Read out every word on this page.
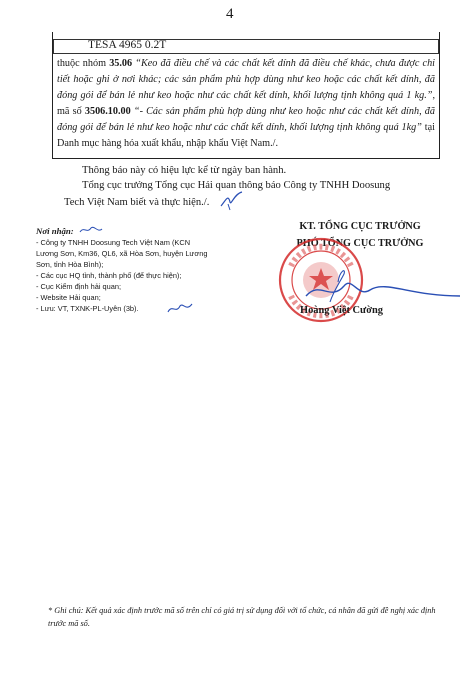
4
TESA 4965 0.2T
thuộc nhóm 35.06 “Keo đã điều chế và các chất kết dính đã điều chế khác, chưa được chi tiết hoặc ghi ở nơi khác; các sản phẩm phù hợp dùng như keo hoặc các chất kết dính, đã đóng gói để bán lẻ như keo hoặc như các chất kết dính, khối lượng tịnh không quá 1 kg.”, mã số 3506.10.00 “- Các sản phẩm phù hợp dùng như keo hoặc như các chất kết dính, đã đóng gói để bán lẻ như keo hoặc như các chất kết dính, khối lượng tịnh không quá 1kg” tại Danh mục hàng hóa xuất khẩu, nhập khẩu Việt Nam./.
Thông báo này có hiệu lực kể từ ngày ban hành.
Tổng cục trưởng Tổng cục Hải quan thông báo Công ty TNHH Doosung
Tech Việt Nam biết và thực hiện./.
Nơi nhận:
- Công ty TNHH Doosung Tech Việt Nam (KCN
Lương Sơn, Km36, QL6, xã Hòa Sơn, huyện Lương
Sơn, tỉnh Hòa Bình);
- Các cục HQ tỉnh, thành phố (để thực hiện);
- Cục Kiểm định hải quan;
- Website Hải quan;
- Lưu: VT, TXNK-PL-Uyên (3b).
KT. TỔNG CỤC TRƯỞNG
PHÓ TỔNG CỤC TRƯỞNG
Hoàng Việt Cường
* Ghi chú: Kết quả xác định trước mã số trên chỉ có giá trị sử dụng đối với tổ chức, cá nhân đã gửi đề nghị xác định trước mã số.
